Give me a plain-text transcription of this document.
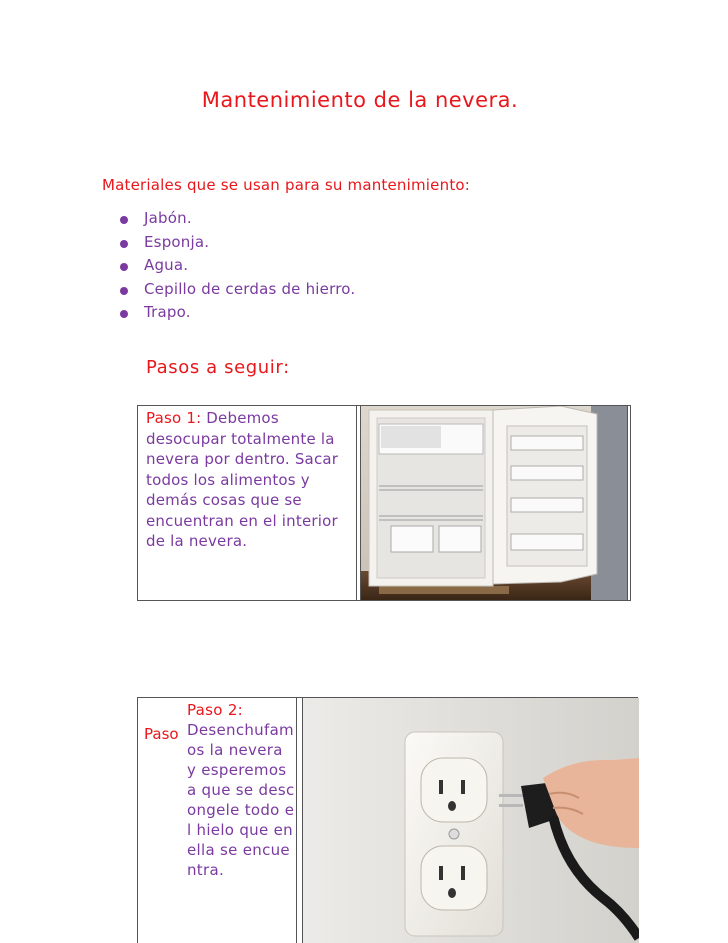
Mantenimiento de la nevera.
Materiales que se usan para su mantenimiento:
Jabón.
Esponja.
Agua.
Cepillo de cerdas de hierro.
Trapo.
Pasos a seguir:
Paso 1: Debemos desocupar totalmente la nevera por dentro. Sacar todos los alimentos y demás cosas que se encuentran en el interior de la nevera.
Paso
Paso 2:
Desenchufamos la nevera y esperemos a que se descongele todo el hielo que en ella se encuentra.
